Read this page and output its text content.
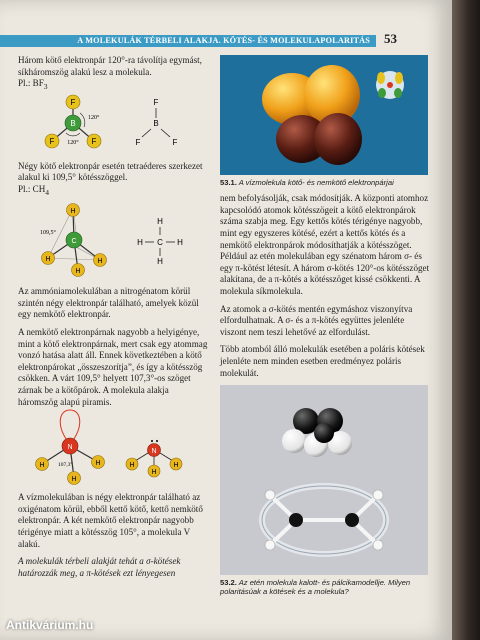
A MOLEKULÁK TÉRBELI ALAKJA. KÖTÉS- ÉS MOLEKULAPOLARITÁS	53

Három kötő elektronpár 120°-ra távolítja egymást, síkháromszög alakú lesz a molekula.

Pl.: $BF_3$

F
F	F
B
120°
120°
F
B
F	F

Négy kötő elektronpár esetén tetraéderes szerkezet alakul ki 109,5° kötésszöggel.

Pl.: $CH_4$

H
H	H
H
C
109,5°
H
H C H
H

Az ammóniamolekulában a nitrogénatom körül szintén négy elektronpár található, amelyek közül egy nemkötő elektronpár.

A nemkötő elektronpárnak nagyobb a helyigénye, mint a kötő elektronpárnak, mert csak egy atommag vonzó hatása alatt áll. Ennek következtében a kötő elektronpárokat „összeszorítja”, és így a kötésszög csökken. A várt 109,5° helyett 107,3°-os szöget zárnak be a kötőpárok. A molekula alakja háromszög alapú piramis.

H	H
H
N
107,3°
N
H	H
H

A vízmolekulában is négy elektronpár található az oxigénatom körül, ebből kettő kötő, kettő nemkötő elektronpár. A két nemkötő elektronpár nagyobb térigénye miatt a kötésszög 105°, a molekula V alakú.

A molekulák térbeli alakját tehát a σ-kötések határozzák meg, a π-kötések ezt lényegesen

53.1. A vízmolekula kötő- és nemkötő elektronpárjai

nem befolyásolják, csak módosítják. A központi atomhoz kapcsolódó atomok kötésszögeit a kötő elektronpárok száma szabja meg. Egy kettős kötés térigénye nagyobb, mint egy egyszeres kötésé, ezért a kettős kötés és a nemkötő elektronpárok módosíthatják a kötésszöget. Például az etén molekulában egy szénatom három σ- és egy π-kötést létesít. A három σ-kötés 120°-os kötésszöget alakítana, de a π-kötés a kötésszöget kissé csökkenti. A molekula síkmolekula.

Az atomok a σ-kötés mentén egymáshoz viszonyítva elfordulhatnak. A σ- és a π-kötés együttes jelenléte viszont nem teszi lehetővé az elfordulást.

Több atomból álló molekulák esetében a poláris kötések jelenléte nem minden esetben eredményez poláris molekulát.

53.2. Az etén molekula kalott- és pálcikamodellje. Milyen polaritásúak a kötések és a molekula?
Antikvárium.hu
